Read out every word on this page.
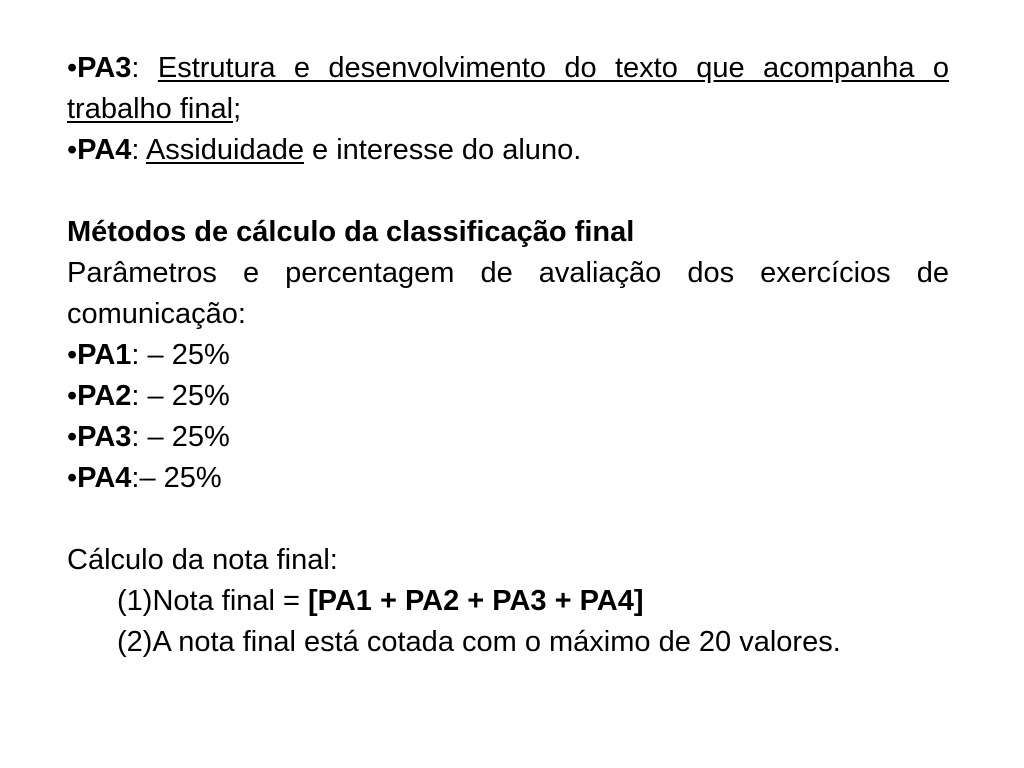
•PA3: Estrutura e desenvolvimento do texto que acompanha o trabalho final;

•PA4: Assiduidade e interesse do aluno.

Métodos de cálculo da classificação final

Parâmetros e percentagem de avaliação dos exercícios de comunicação:

•PA1: – 25%

•PA2: – 25%

•PA3: – 25%

•PA4:– 25%

Cálculo da nota final:

(1)Nota final = [PA1 + PA2 + PA3 + PA4]

(2)A nota final está cotada com o máximo de 20 valores.
